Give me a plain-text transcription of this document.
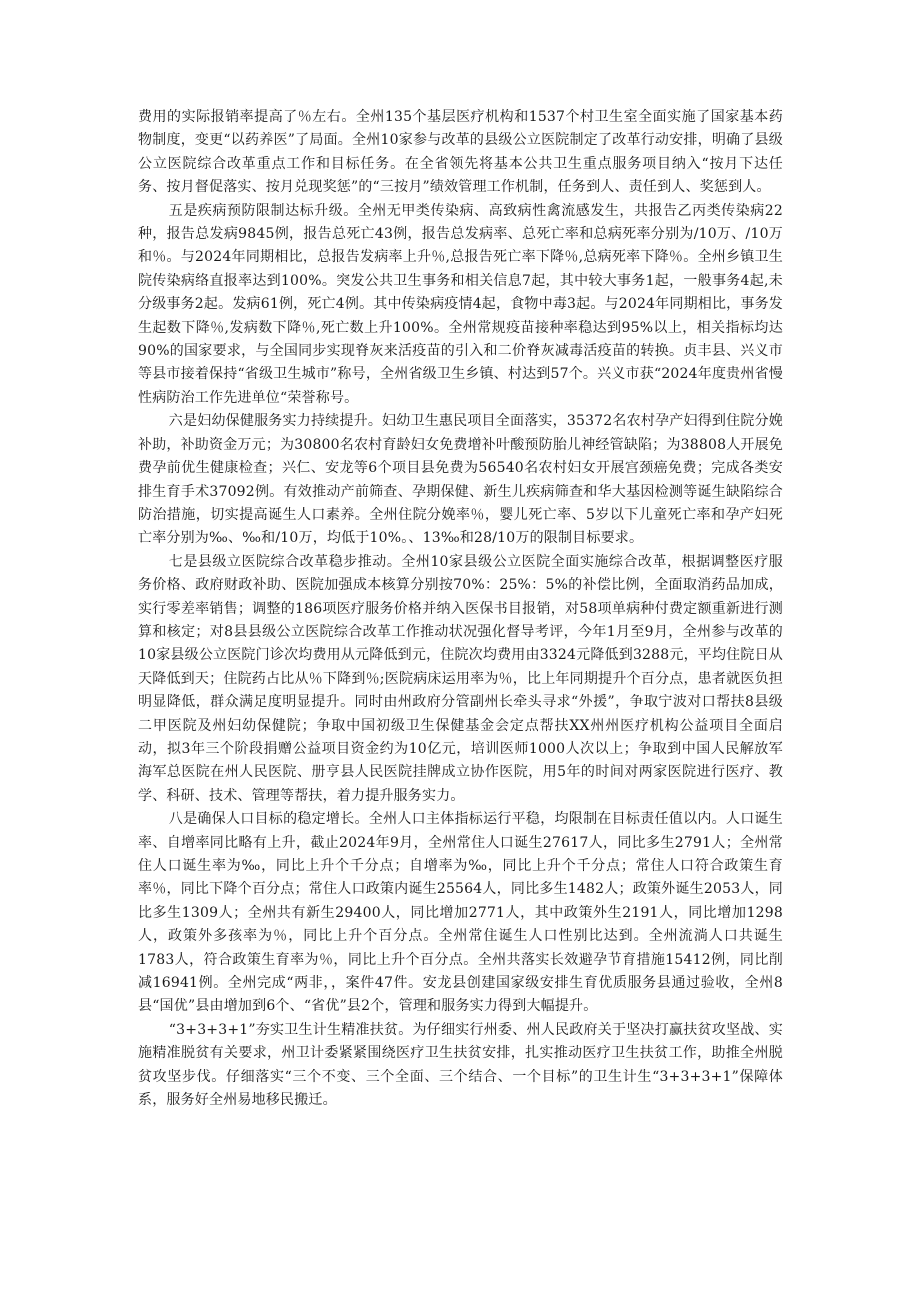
费用的实际报销率提高了％左右。全州135个基层医疗机构和1537个村卫生室全面实施了国家基本药物制度，变更“以药养医”了局面。全州10家参与改革的县级公立医院制定了改革行动安排，明确了县级公立医院综合改革重点工作和目标任务。在全省领先将基本公共卫生重点服务项目纳入“按月下达任务、按月督促落实、按月兑现奖惩”的“三按月”绩效管理工作机制，任务到人、责任到人、奖惩到人。

五是疾病预防限制达标升级。全州无甲类传染病、高致病性禽流感发生，共报告乙丙类传染病22种，报告总发病9845例，报告总死亡43例，报告总发病率、总死亡率和总病死率分别为/10万、/10万和％。与2024年同期相比，总报告发病率上升％,总报告死亡率下降％,总病死率下降％。全州乡镇卫生院传染病络直报率达到100%。突发公共卫生事务和相关信息7起，其中较大事务1起，一般事务4起,未分级事务2起。发病61例，死亡4例。其中传染病疫情4起，食物中毒3起。与2024年同期相比，事务发生起数下降％,发病数下降％,死亡数上升100%。全州常规疫苗接种率稳达到95%以上，相关指标均达90%的国家要求，与全国同步实现脊灰来活疫苗的引入和二价脊灰减毒活疫苗的转换。贞丰县、兴义市等县市接着保持“省级卫生城市”称号，全州省级卫生乡镇、村达到57个。兴义市获“2024年度贵州省慢性病防治工作先进单位“荣誉称号。

六是妇幼保健服务实力持续提升。妇幼卫生惠民项目全面落实，35372名农村孕产妇得到住院分娩补助，补助资金万元；为30800名农村育龄妇女免费增补叶酸预防胎儿神经管缺陷；为38808人开展免费孕前优生健康检查；兴仁、安龙等6个项目县免费为56540名农村妇女开展宫颈癌免费；完成各类安排生育手术37092例。有效推动产前筛查、孕期保健、新生儿疾病筛查和华大基因检测等诞生缺陷综合防治措施，切实提高诞生人口素养。全州住院分娩率％，婴儿死亡率、5岁以下儿童死亡率和孕产妇死亡率分别为‰、‰和/10万，均低于10%。、13‰和28/10万的限制目标要求。

七是县级立医院综合改革稳步推动。全州10家县级公立医院全面实施综合改革，根据调整医疗服务价格、政府财政补助、医院加强成本核算分别按70%：25%：5%的补偿比例，全面取消药品加成，实行零差率销售；调整的186项医疗服务价格并纳入医保书目报销，对58项单病种付费定额重新进行测算和核定；对8县县级公立医院综合改革工作推动状况强化督导考评，今年1月至9月，全州参与改革的10家县级公立医院门诊次均费用从元降低到元，住院次均费用由3324元降低到3288元，平均住院日从天降低到天；住院药占比从％下降到％;医院病床运用率为％，比上年同期提升个百分点，患者就医负担明显降低，群众满足度明显提升。同时由州政府分管副州长牵头寻求“外援”，争取宁波对口帮扶8县级二甲医院及州妇幼保健院；争取中国初级卫生保健基金会定点帮扶XX州州医疗机构公益项目全面启动，拟3年三个阶段捐赠公益项目资金约为10亿元，培训医师1000人次以上；争取到中国人民解放军海军总医院在州人民医院、册亨县人民医院挂牌成立协作医院，用5年的时间对两家医院进行医疗、教学、科研、技术、管理等帮扶，着力提升服务实力。

八是确保人口目标的稳定增长。全州人口主体指标运行平稳，均限制在目标责任值以内。人口诞生率、自增率同比略有上升，截止2024年9月，全州常住人口诞生27617人，同比多生2791人；全州常住人口诞生率为‰，同比上升个千分点；自增率为‰，同比上升个千分点；常住人口符合政策生育率％，同比下降个百分点；常住人口政策内诞生25564人，同比多生1482人；政策外诞生2053人，同比多生1309人；全州共有新生29400人，同比增加2771人，其中政策外生2191人，同比增加1298人，政策外多孩率为％，同比上升个百分点。全州常住诞生人口性别比达到。全州流淌人口共诞生1783人，符合政策生育率为％，同比上升个百分点。全州共落实长效避孕节育措施15412例，同比削减16941例。全州完成“两非，，案件47件。安龙县创建国家级安排生育优质服务县通过验收，全州8县“国优”县由增加到6个、“省优”县2个，管理和服务实力得到大幅提升。

“3+3+3+1”夯实卫生计生精准扶贫。为仔细实行州委、州人民政府关于坚决打赢扶贫攻坚战、实施精准脱贫有关要求，州卫计委紧紧围绕医疗卫生扶贫安排，扎实推动医疗卫生扶贫工作，助推全州脱贫攻坚步伐。仔细落实“三个不变、三个全面、三个结合、一个目标”的卫生计生“3+3+3+1”保障体系，服务好全州易地移民搬迁。
